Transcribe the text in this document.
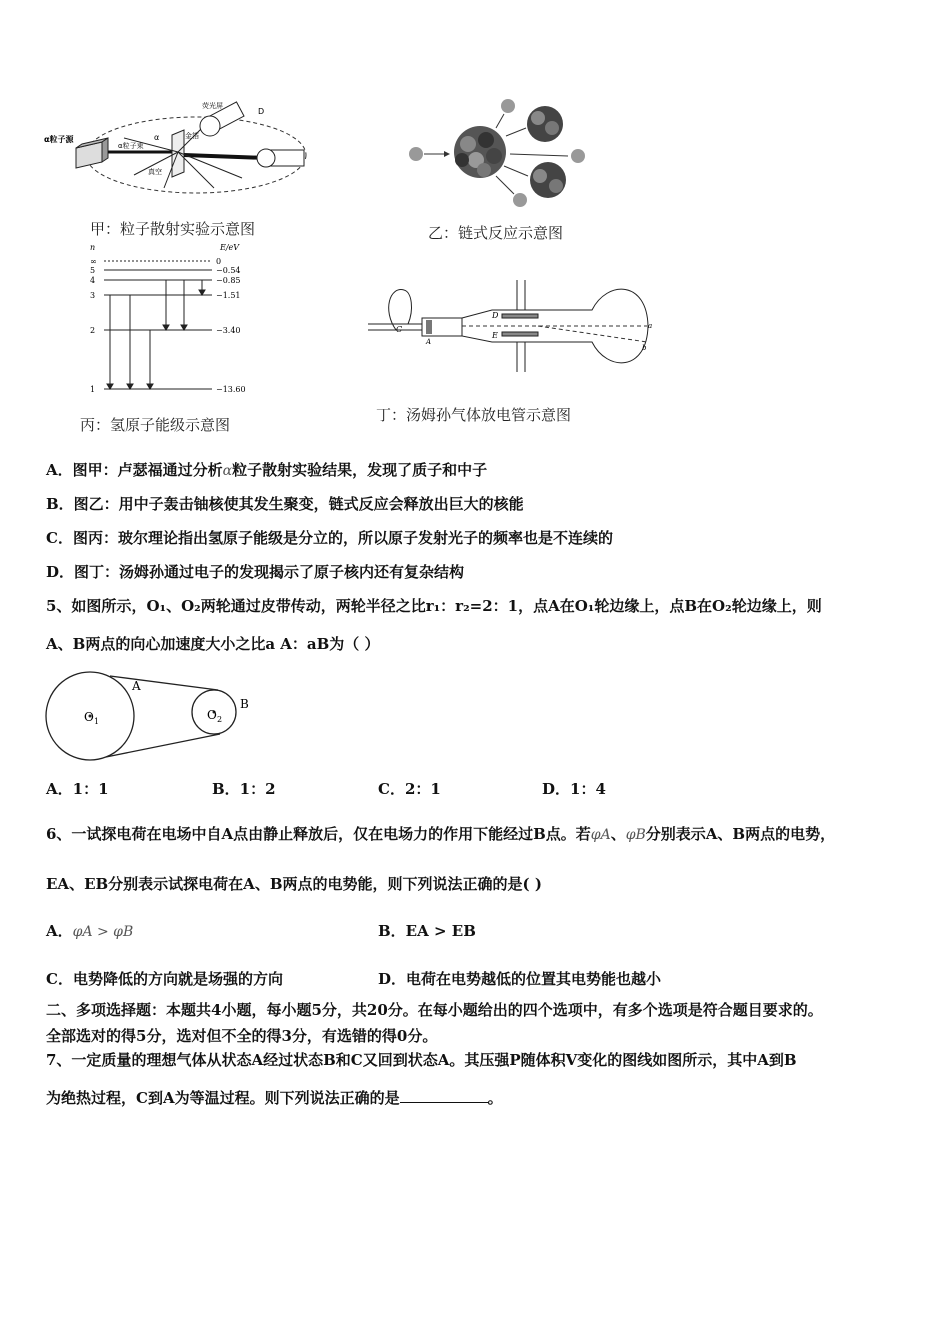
D
荧光屏
α粒子源
α粒子束
金箔
真空
α
甲：粒子散射实验示意图	乙：链式反应示意图
n	E/eV
∞
5
4
3
2
1
0
−0.54
−0.85
−1.51
−3.40
−13.60
丙：氢原子能级示意图
C
A
D
E
a
b
丁：汤姆孙气体放电管示意图
A．图甲：卢瑟福通过分析α粒子散射实验结果，发现了质子和中子
B．图乙：用中子轰击铀核使其发生聚变，链式反应会释放出巨大的核能
C．图丙：玻尔理论指出氢原子能级是分立的，所以原子发射光子的频率也是不连续的
D．图丁：汤姆孙通过电子的发现揭示了原子核内还有复杂结构
5、如图所示，O₁、O₂两轮通过皮带传动，两轮半径之比r₁：r₂=2：1，点A在O₁轮边缘上，点B在O₂轮边缘上，则
A、B两点的向心加速度大小之比a A：aB为（ ）
O 1	O 2
A
B
A．1：1	B．1：2	C．2：1	D．1：4
6、一试探电荷在电场中自A点由静止释放后，仅在电场力的作用下能经过B点。若φA、φB分别表示A、B两点的电势，
EA、EB分别表示试探电荷在A、B两点的电势能，则下列说法正确的是( )
A．φA > φB	B．EA > EB
C．电势降低的方向就是场强的方向	D．电荷在电势越低的位置其电势能也越小
二、多项选择题：本题共4小题，每小题5分，共20分。在每小题给出的四个选项中，有多个选项是符合题目要求的。
全部选对的得5分，选对但不全的得3分，有选错的得0分。
7、一定质量的理想气体从状态A经过状态B和C又回到状态A。其压强P随体积V变化的图线如图所示，其中A到B
为绝热过程，C到A为等温过程。则下列说法正确的是	。
